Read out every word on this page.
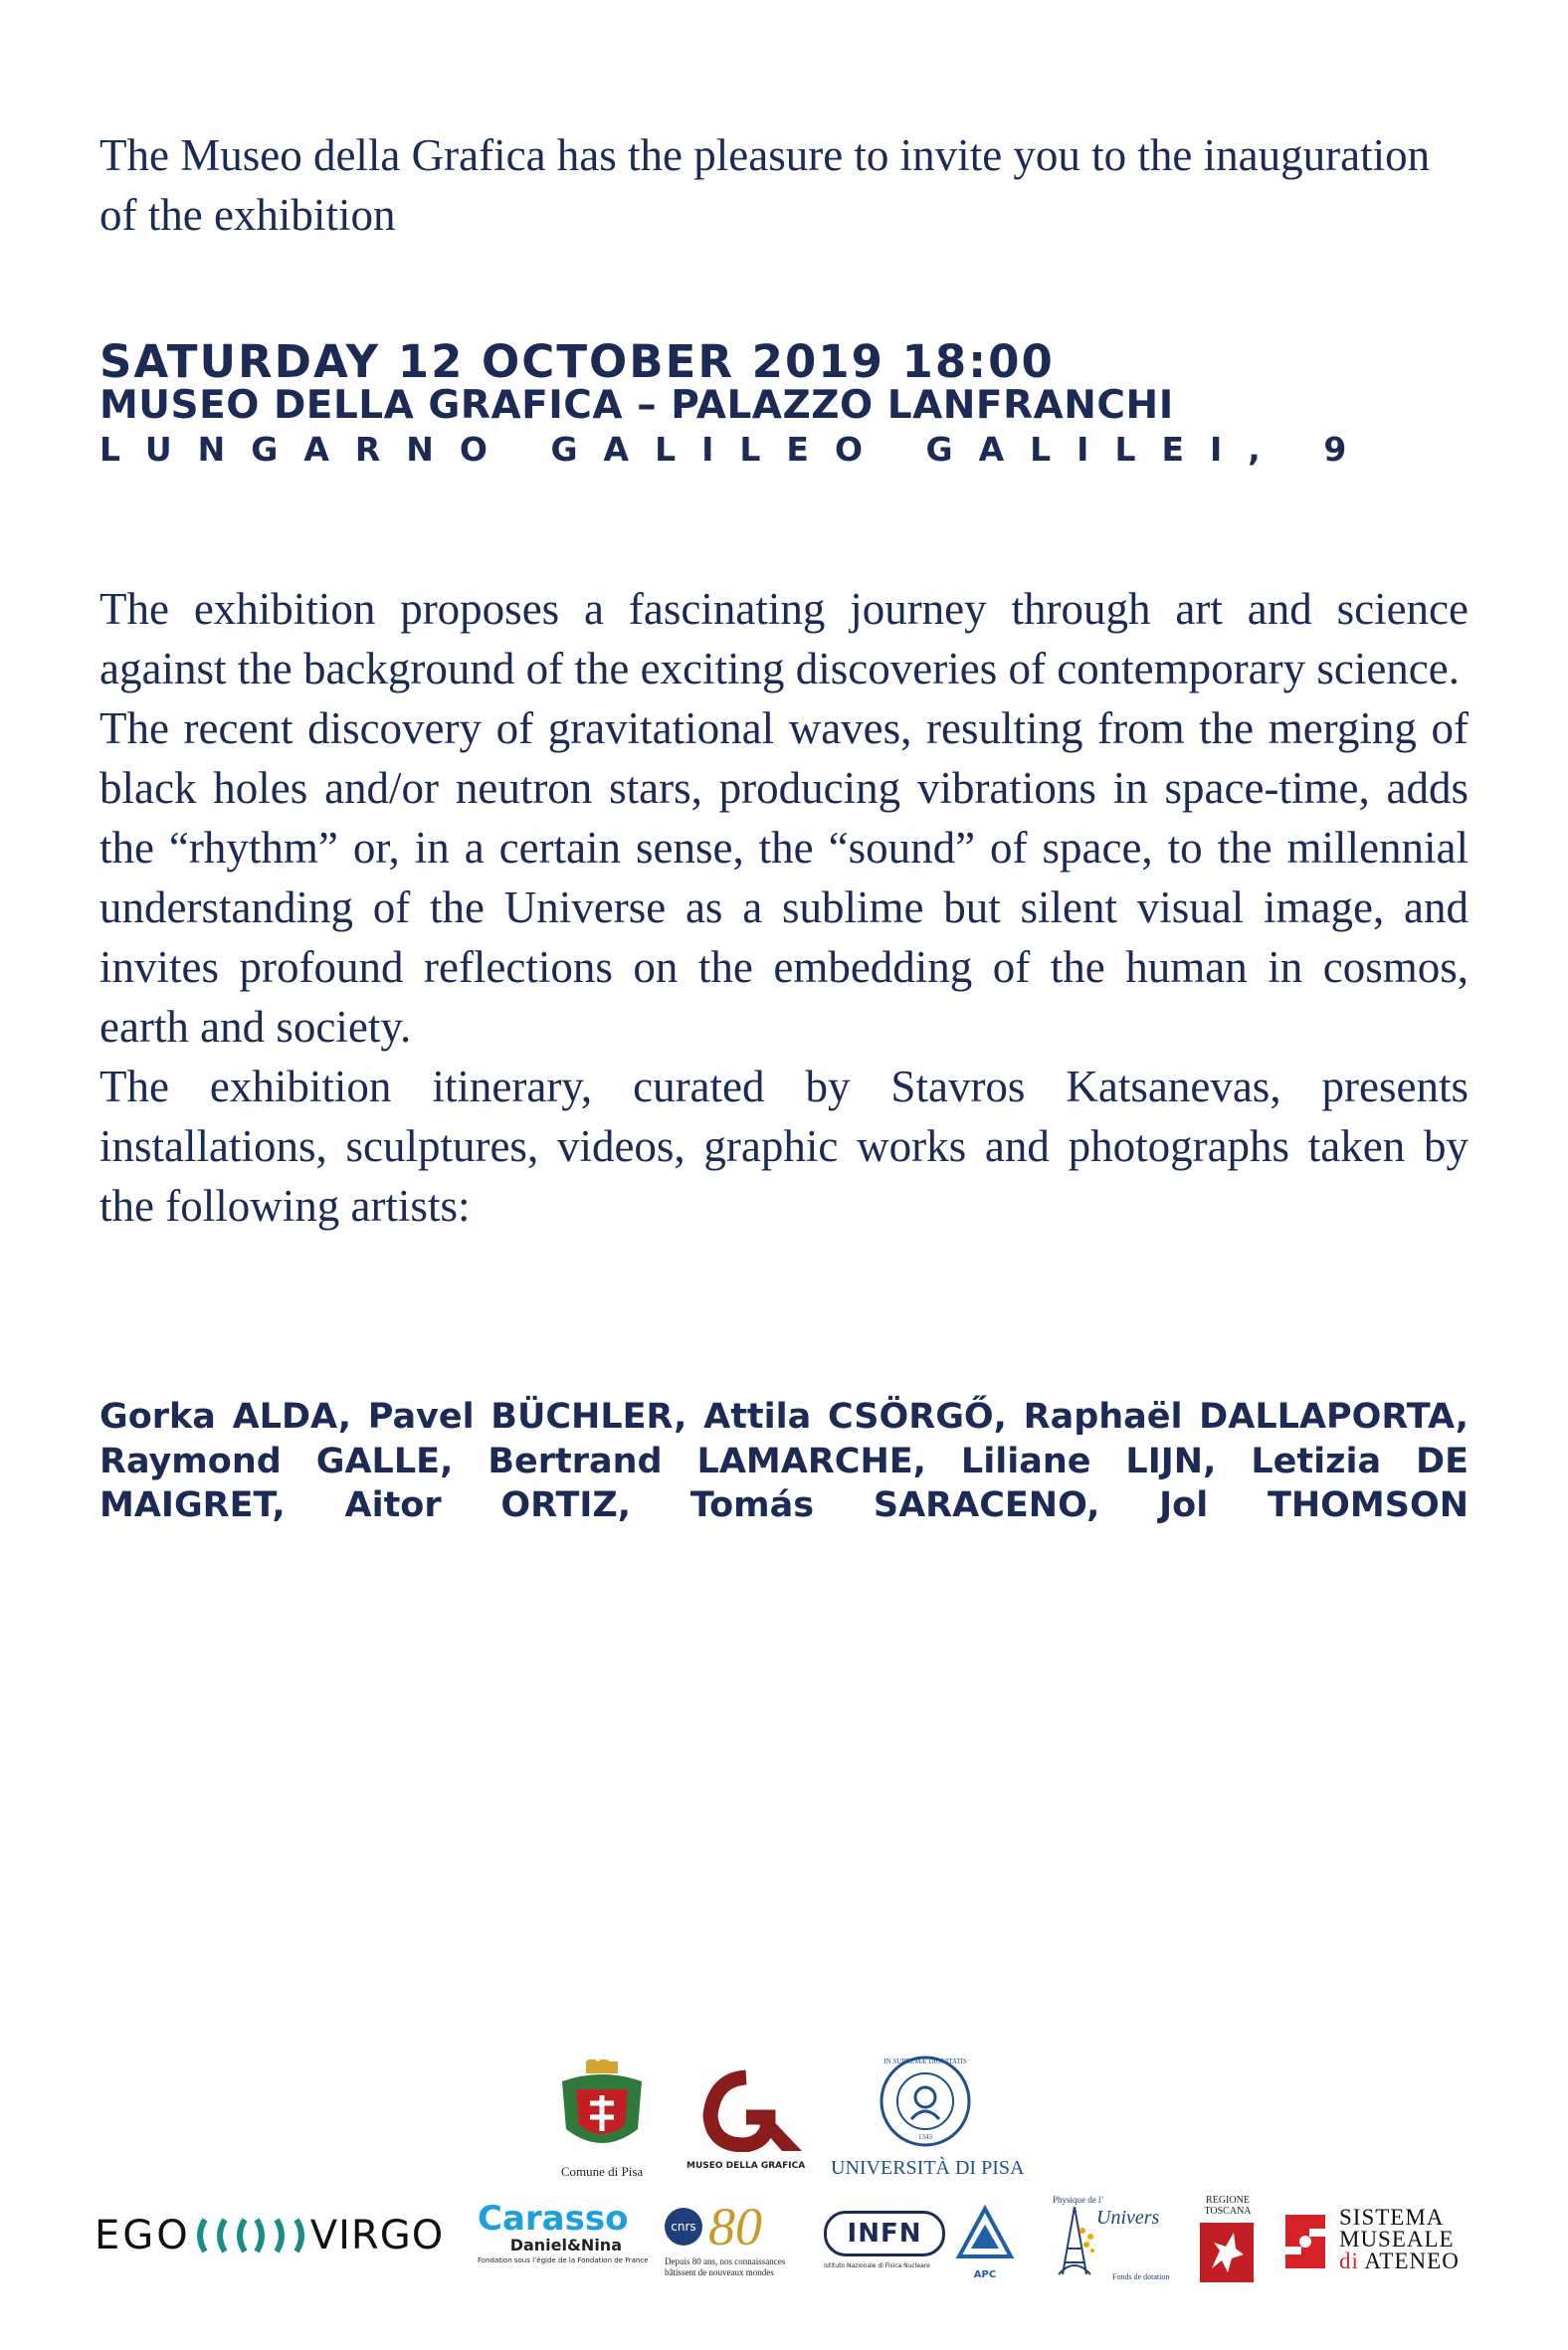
The Museo della Grafica has the pleasure to invite you to the inauguration of the exhibition

SATURDAY 12 OCTOBER 2019 18:00
MUSEO DELLA GRAFICA – PALAZZO LANFRANCHI
LUNGARNO GALILEO GALILEI, 9

The exhibition proposes a fascinating journey through art and science against the background of the exciting discoveries of contemporary science.

The recent discovery of gravitational waves, resulting from the merging of black holes and/or neutron stars, producing vibrations in space-time, adds the “rhythm” or, in a certain sense, the “sound” of space, to the millennial understanding of the Universe as a sublime but silent visual image, and invites profound reflections on the embedding of the human in cosmos, earth and society.

The exhibition itinerary, curated by Stavros Katsanevas, presents installations, sculptures, videos, graphic works and photographs taken by the following artists:

Gorka ALDA, Pavel BÜCHLER, Attila CSÖRGŐ, Raphaël DALLAPORTA, Raymond GALLE, Bertrand LAMARCHE, Liliane LIJN, Letizia DE MAIGRET, Aitor ORTIZ, Tomás SARACENO, Jol THOMSON

Comune di Pisa	MUSEO DELLA GRAFICA
IN SUPREMÆ DIGNITATIS
1343
UNIVERSITÀ DI PISA
EGO	VIRGO Carasso
Daniel&Nina
Fondation sous l’égide de la Fondation de France
cnrs 80
Depuis 80 ans, nos connaissances bâtissent de nouveaux mondes
INFN
Istituto Nazionale di Fisica Nucleare
APC
Physique de l’
Univers
Fonds de dotation
REGIONE
TOSCANA	SISTEMA
MUSEALE
di ATENEO
